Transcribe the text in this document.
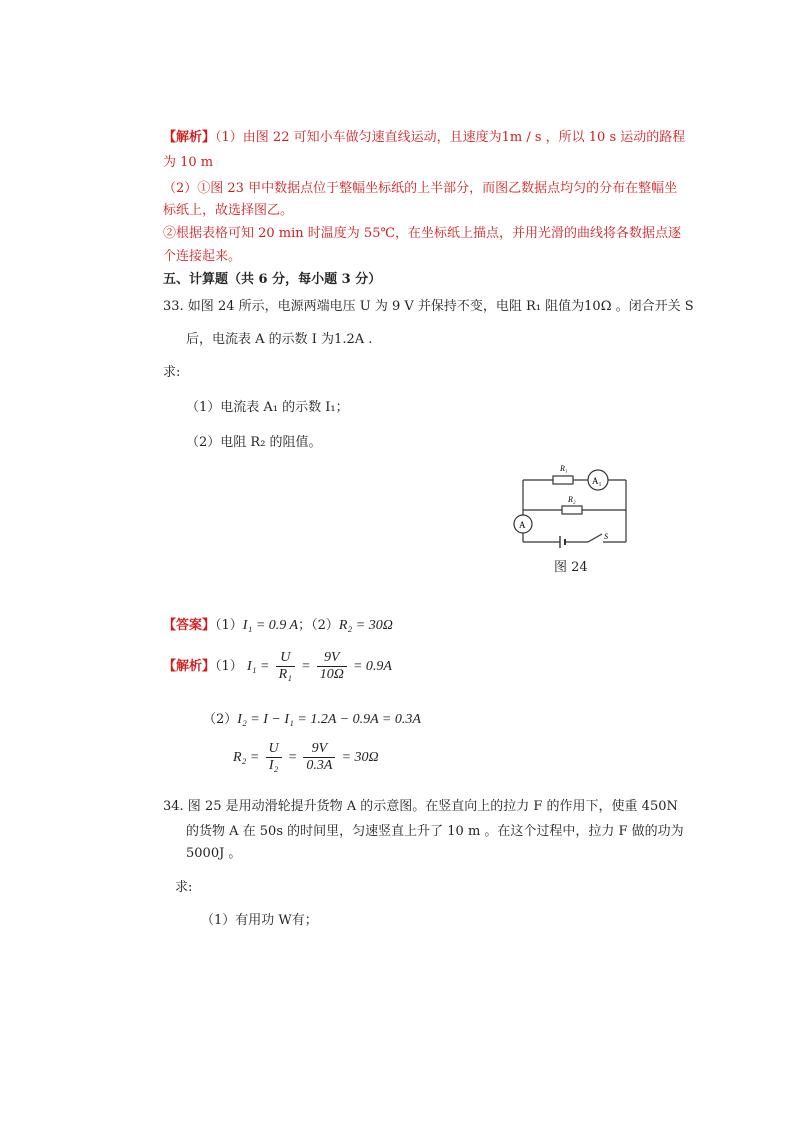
【解析】（1）由图 22 可知小车做匀速直线运动，且速度为1m / s ，所以 10 s 运动的路程
为 10 m
（2）①图 23 甲中数据点位于整幅坐标纸的上半部分，而图乙数据点均匀的分布在整幅坐
标纸上，故选择图乙。
②根据表格可知 20 min 时温度为 55℃，在坐标纸上描点，并用光滑的曲线将各数据点逐
个连接起来。
五、计算题（共 6 分，每小题 3 分）
33. 如图 24 所示，电源两端电压 U 为 9 V 并保持不变，电阻 R₁ 阻值为10Ω 。闭合开关 S
后，电流表 A 的示数 I 为1.2A .
求:
（1）电流表 A₁ 的示数 I₁；
（2）电阻 R₂ 的阻值。
R₁
R₂
A₁
A
S
图 24
【答案】（1）I₁ = 0.9 A；（2）R₂ = 30Ω
【解析】（1） $I_1 = \frac{U}{\text{R₁}} = \frac{9V}{10\Omega} = 0.9A$
（2）I₂ = I − I₁ = 1.2A − 0.9A = 0.3A
$R_2 = \frac{U}{\text{I₂}} = \frac{9V}{0.3A} = 30\Omega$
34. 图 25 是用动滑轮提升货物 A 的示意图。在竖直向上的拉力 F 的作用下，使重 450N
的货物 A 在 50s 的时间里，匀速竖直上升了 10 m 。在这个过程中，拉力 F 做的功为
5000J 。
求:
（1）有用功 W有；
